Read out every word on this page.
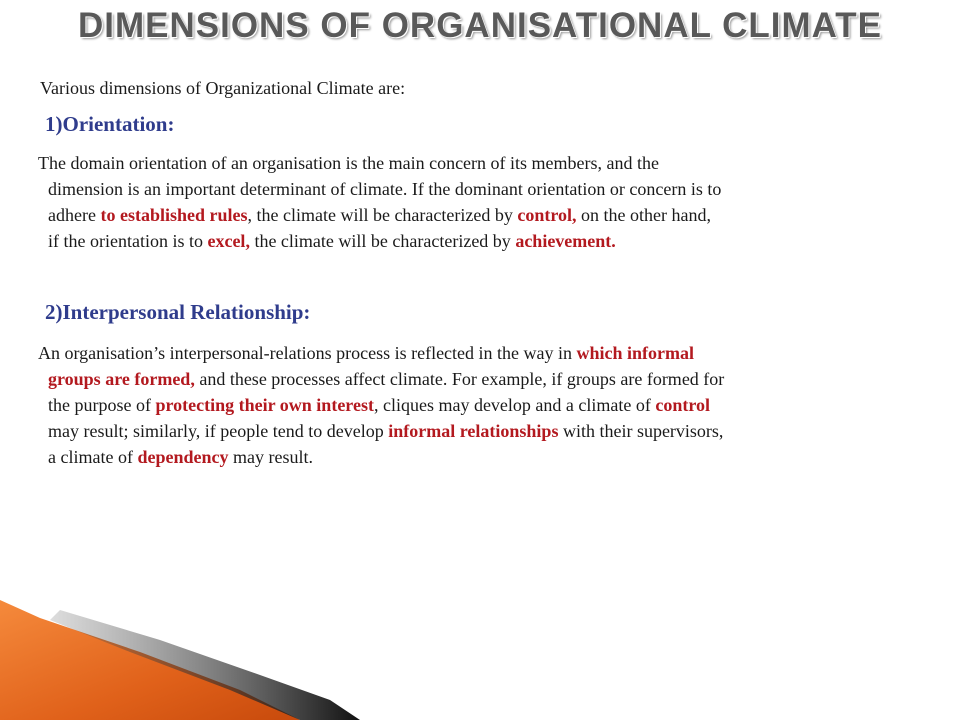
DIMENSIONS OF ORGANISATIONAL CLIMATE
Various dimensions of Organizational Climate are:
1)Orientation:
The domain orientation of an organisation is the main concern of its members, and the
dimension is an important determinant of climate. If the dominant orientation or concern is to
adhere to established rules, the climate will be characterized by control, on the other hand,
if the orientation is to excel, the climate will be characterized by achievement.
2)Interpersonal Relationship:
An organisation’s interpersonal-relations process is reflected in the way in which informal
groups are formed, and these processes affect climate. For example, if groups are formed for
the purpose of protecting their own interest, cliques may develop and a climate of control
may result; similarly, if people tend to develop informal relationships with their supervisors,
a climate of dependency may result.
